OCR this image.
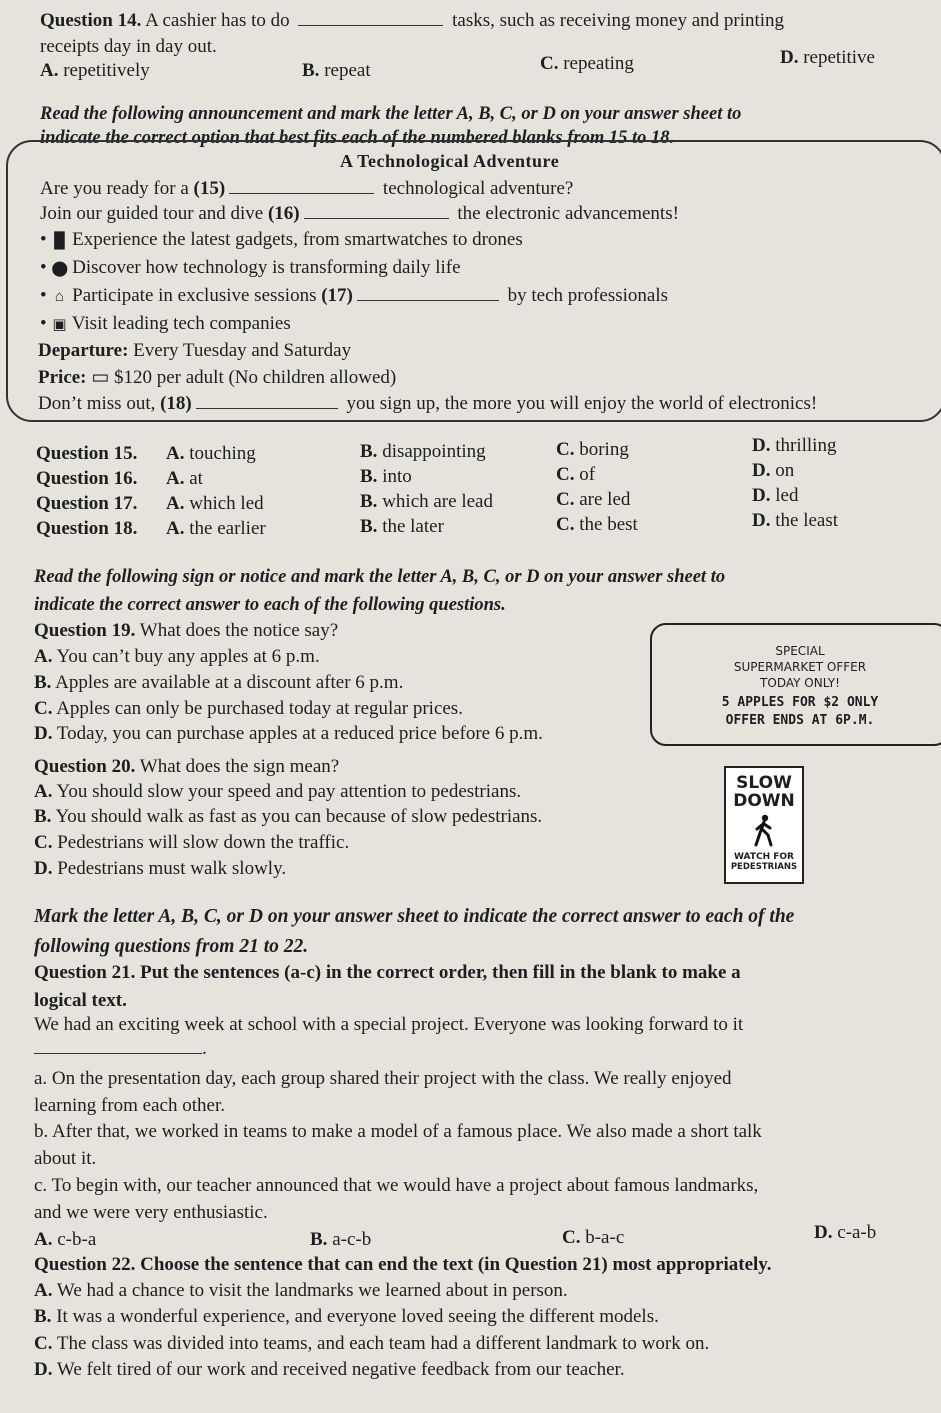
Question 14. A cashier has to do	tasks, such as receiving money and printing
receipts day in day out.
A. repetitively	B. repeat	C. repeating	D. repetitive
Read the following announcement and mark the letter A, B, C, or D on your answer sheet to
indicate the correct option that best fits each of the numbered blanks from 15 to 18.
A Technological Adventure
Are you ready for a (15)	technological adventure?
Join our guided tour and dive (16)	the electronic advancements!
• █ Experience the latest gadgets, from smartwatches to drones
• ⬤ Discover how technology is transforming daily life
• ⌂ Participate in exclusive sessions (17)	by tech professionals
• ▣ Visit leading tech companies
Departure: Every Tuesday and Saturday
Price: ▭ $120 per adult (No children allowed)
Don’t miss out, (18)	you sign up, the more you will enjoy the world of electronics!
Question 15. A. touching	B. disappointing	C. boring	D. thrilling
Question 16. A. at	B. into	C. of	D. on
Question 17. A. which led	B. which are lead	C. are led	D. led
Question 18. A. the earlier	B. the later	C. the best	D. the least
Read the following sign or notice and mark the letter A, B, C, or D on your answer sheet to
indicate the correct answer to each of the following questions.
Question 19. What does the notice say?
A. You can’t buy any apples at 6 p.m.
B. Apples are available at a discount after 6 p.m.
C. Apples can only be purchased today at regular prices.
D. Today, you can purchase apples at a reduced price before 6 p.m.
SPECIAL
SUPERMARKET OFFER
TODAY ONLY!
5 APPLES FOR $2 ONLY
OFFER ENDS AT 6P.M.
Question 20. What does the sign mean?
A. You should slow your speed and pay attention to pedestrians.
B. You should walk as fast as you can because of slow pedestrians.
C. Pedestrians will slow down the traffic.
D. Pedestrians must walk slowly.
SLOW
DOWN
WATCH FOR
PEDESTRIANS
Mark the letter A, B, C, or D on your answer sheet to indicate the correct answer to each of the
following questions from 21 to 22.
Question 21. Put the sentences (a-c) in the correct order, then fill in the blank to make a
logical text.
We had an exciting week at school with a special project. Everyone was looking forward to it
.
a. On the presentation day, each group shared their project with the class. We really enjoyed
learning from each other.
b. After that, we worked in teams to make a model of a famous place. We also made a short talk
about it.
c. To begin with, our teacher announced that we would have a project about famous landmarks,
and we were very enthusiastic.
A. c-b-a	B. a-c-b	C. b-a-c	D. c-a-b
Question 22. Choose the sentence that can end the text (in Question 21) most appropriately.
A. We had a chance to visit the landmarks we learned about in person.
B. It was a wonderful experience, and everyone loved seeing the different models.
C. The class was divided into teams, and each team had a different landmark to work on.
D. We felt tired of our work and received negative feedback from our teacher.
